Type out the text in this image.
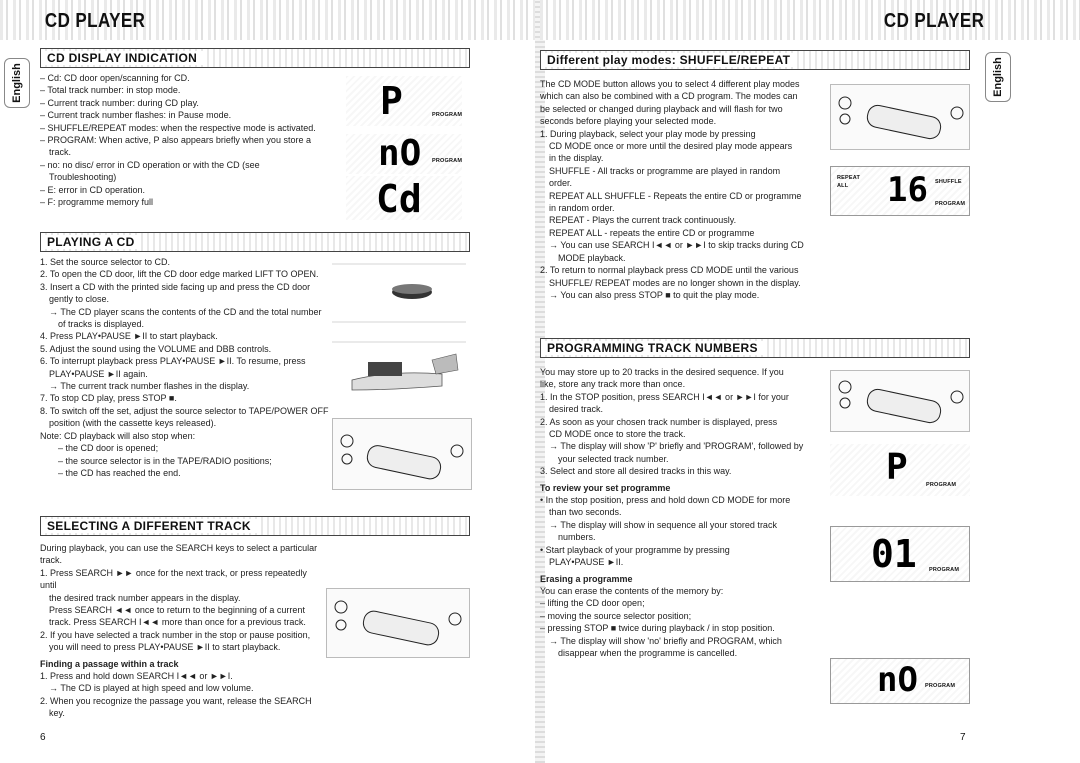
CD PLAYER
English
CD DISPLAY INDICATION

– Cd: CD door open/scanning for CD.

– Total track number: in stop mode.

– Current track number: during CD play.

– Current track number flashes: in Pause mode.

– SHUFFLE/REPEAT modes: when the respective mode is activated.

– PROGRAM: When active, P also appears briefly when you store a

track.

– no: no disc/ error in CD operation or with the CD (see

Troubleshooting)

– E: error in CD operation.

– F: programme memory full

P	PROGRAM
nO PROGRAM
Cd
PLAYING A CD

1. Set the source selector to CD.

2. To open the CD door, lift the CD door edge marked LIFT TO OPEN.

3. Insert a CD with the printed side facing up and press the CD door

gently to close.

→ The CD player scans the contents of the CD and the total number

of tracks is displayed.

4. Press PLAY•PAUSE ►II to start playback.

5. Adjust the sound using the VOLUME and DBB controls.

6. To interrupt playback press PLAY•PAUSE ►II. To resume, press

PLAY•PAUSE ►II again.

→ The current track number flashes in the display.

7. To stop CD play, press STOP ■.

8. To switch off the set, adjust the source selector to TAPE/POWER OFF

position (with the cassette keys released).

Note: CD playback will also stop when:

– the CD door is opened;

– the source selector is in the TAPE/RADIO positions;

– the CD has reached the end.

SELECTING A DIFFERENT TRACK

During playback, you can use the SEARCH keys to select a particular

track.

1. Press SEARCH ►► once for the next track, or press repeatedly until

the desired track number appears in the display.

Press SEARCH ◄◄ once to return to the beginning of a current

track. Press SEARCH I◄◄ more than once for a previous track.

2. If you have selected a track number in the stop or pause position,

you will need to press PLAY•PAUSE ►II to start playback.

Finding a passage within a track

1. Press and hold down SEARCH I◄◄ or ►►I.

→ The CD is played at high speed and low volume.

2. When you recognize the passage you want, release the SEARCH

key.

6
CD PLAYER
English
Different play modes: SHUFFLE/REPEAT

The CD MODE button allows you to select 4 different play modes

which can also be combined with a CD program. The modes can

be selected or changed during playback and will flash for two

seconds before playing your selected mode.

1. During playback, select your play mode by pressing

CD MODE once or more until the desired play mode appears

in the display.

SHUFFLE - All tracks or programme are played in random

order.

REPEAT ALL SHUFFLE - Repeats the entire CD or programme

in random order.

REPEAT - Plays the current track continuously.

REPEAT ALL - repeats the entire CD or programme

→ You can use SEARCH I◄◄ or ►►I to skip tracks during CD

MODE playback.

2. To return to normal playback press CD MODE until the various

SHUFFLE/ REPEAT modes are no longer shown in the display.

→ You can also press STOP ■ to quit the play mode.

REPEAT
ALL 16 SHUFFLE
PROGRAM
PROGRAMMING TRACK NUMBERS

You may store up to 20 tracks in the desired sequence. If you

like, store any track more than once.

1. In the STOP position, press SEARCH I◄◄ or ►►I for your

desired track.

2. As soon as your chosen track number is displayed, press

CD MODE once to store the track.

→ The display will show 'P' briefly and 'PROGRAM', followed by

your selected track number.

3. Select and store all desired tracks in this way.

To review your set programme

• In the stop position, press and hold down CD MODE for more

than two seconds.

→ The display will show in sequence all your stored track

numbers.

• Start playback of your programme by pressing

PLAY•PAUSE ►II.

Erasing a programme

You can erase the contents of the memory by:

– lifting the CD door open;

– moving the source selector position;

– pressing STOP ■ twice during playback / in stop position.

→ The display will show 'no' briefly and PROGRAM, which

disappear when the programme is cancelled.

P	PROGRAM
01 PROGRAM
nO PROGRAM
7
